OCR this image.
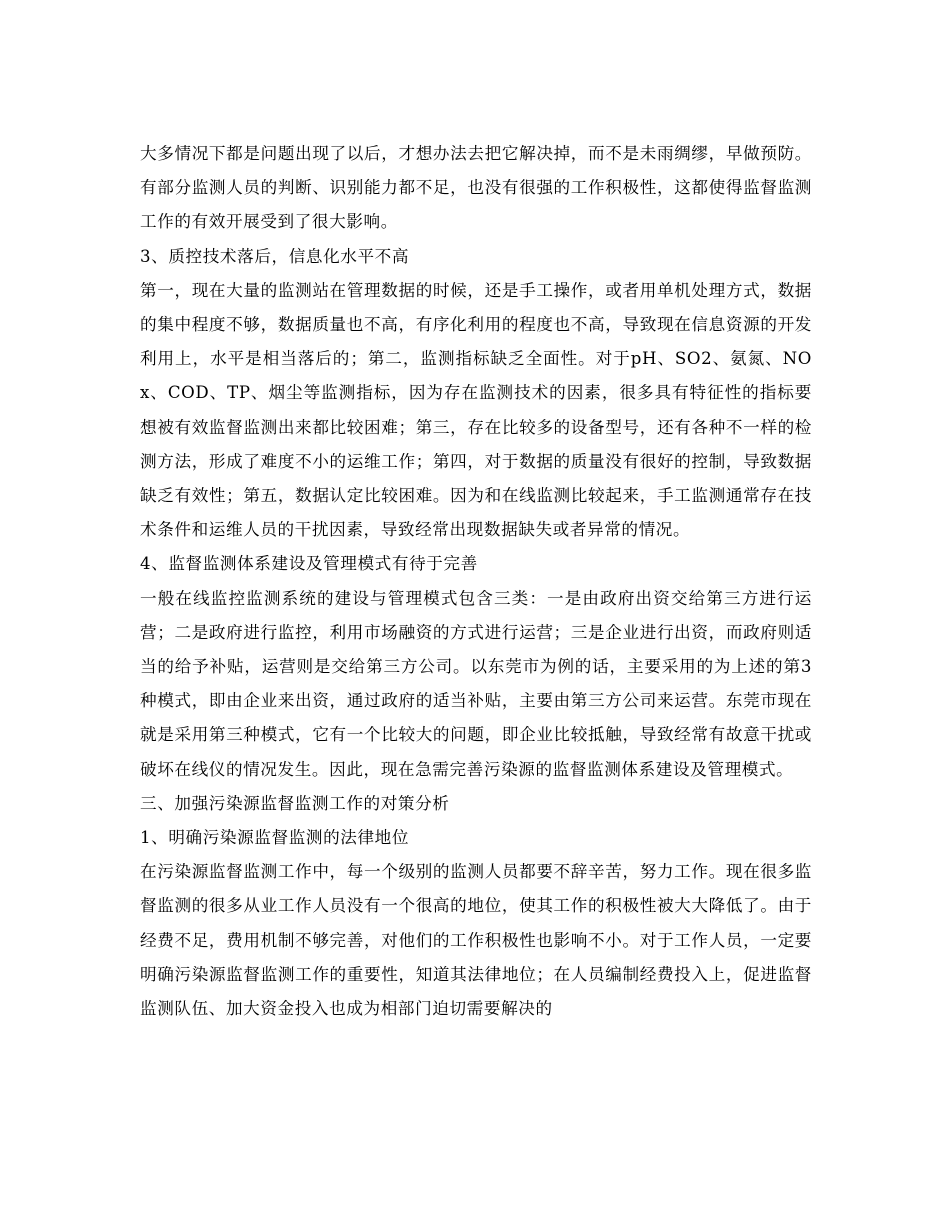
大多情况下都是问题出现了以后，才想办法去把它解决掉，而不是未雨绸缪，早做预防。有部分监测人员的判断、识别能力都不足，也没有很强的工作积极性，这都使得监督监测工作的有效开展受到了很大影响。

3、质控技术落后，信息化水平不高

第一，现在大量的监测站在管理数据的时候，还是手工操作，或者用单机处理方式，数据的集中程度不够，数据质量也不高，有序化利用的程度也不高，导致现在信息资源的开发利用上，水平是相当落后的；第二，监测指标缺乏全面性。对于pH、SO2、氨氮、NOx、COD、TP、烟尘等监测指标，因为存在监测技术的因素，很多具有特征性的指标要想被有效监督监测出来都比较困难；第三，存在比较多的设备型号，还有各种不一样的检测方法，形成了难度不小的运维工作；第四，对于数据的质量没有很好的控制，导致数据缺乏有效性；第五，数据认定比较困难。因为和在线监测比较起来，手工监测通常存在技术条件和运维人员的干扰因素，导致经常出现数据缺失或者异常的情况。

4、监督监测体系建设及管理模式有待于完善

一般在线监控监测系统的建设与管理模式包含三类：一是由政府出资交给第三方进行运营；二是政府进行监控，利用市场融资的方式进行运营；三是企业进行出资，而政府则适当的给予补贴，运营则是交给第三方公司。以东莞市为例的话，主要采用的为上述的第3种模式，即由企业来出资，通过政府的适当补贴，主要由第三方公司来运营。东莞市现在就是采用第三种模式，它有一个比较大的问题，即企业比较抵触，导致经常有故意干扰或破坏在线仪的情况发生。因此，现在急需完善污染源的监督监测体系建设及管理模式。

三、加强污染源监督监测工作的对策分析

1、明确污染源监督监测的法律地位

在污染源监督监测工作中，每一个级别的监测人员都要不辞辛苦，努力工作。现在很多监督监测的很多从业工作人员没有一个很高的地位，使其工作的积极性被大大降低了。由于经费不足，费用机制不够完善，对他们的工作积极性也影响不小。对于工作人员，一定要明确污染源监督监测工作的重要性，知道其法律地位；在人员编制经费投入上，促进监督监测队伍、加大资金投入也成为相部门迫切需要解决的
